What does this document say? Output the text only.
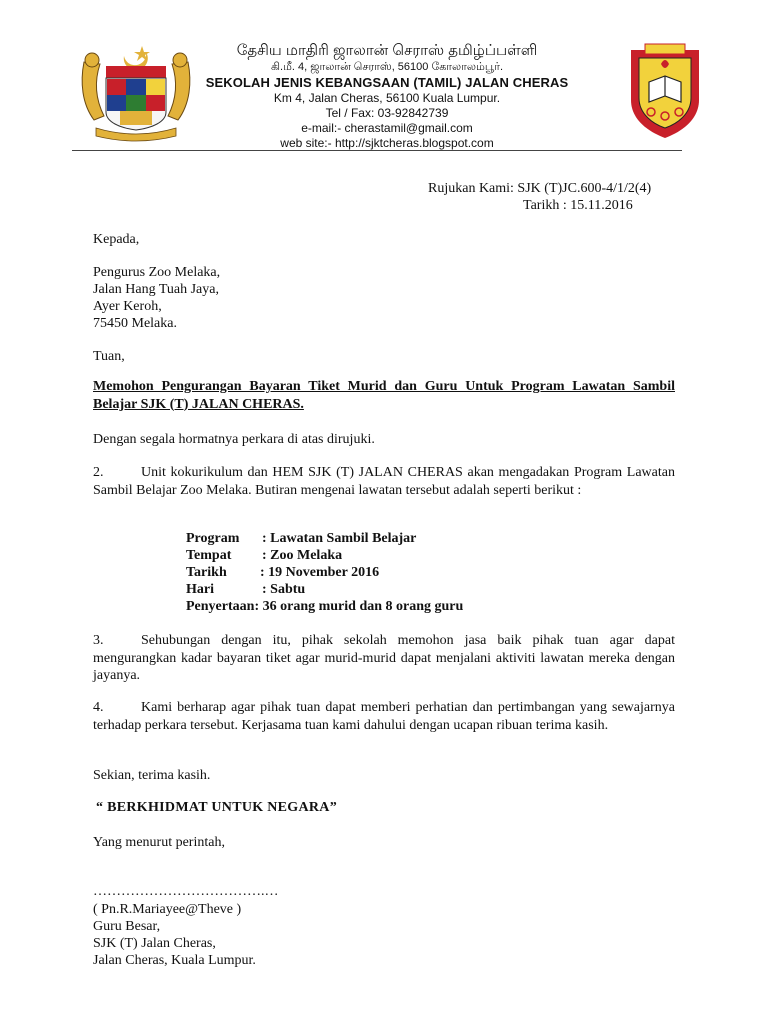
தேசிய மாதிரி ஜாலான் செராஸ் தமிழ்ப்பள்ளி
கி.மீ. 4, ஜாலான் செராஸ், 56100 கோலாலம்பூர்.
SEKOLAH JENIS KEBANGSAAN (TAMIL) JALAN CHERAS
Km 4, Jalan Cheras, 56100 Kuala Lumpur.
Tel / Fax: 03-92842739
e-mail:- cherastamil@gmail.com
web site:- http://sjktcheras.blogspot.com
Rujukan Kami: SJK (T)JC.600-4/1/2(4)
Tarikh : 15.11.2016
Kepada,
Pengurus Zoo Melaka,
Jalan Hang Tuah Jaya,
Ayer Keroh,
75450 Melaka.
Tuan,
Memohon Pengurangan Bayaran Tiket Murid dan Guru Untuk Program Lawatan Sambil Belajar SJK (T) JALAN CHERAS.
Dengan segala hormatnya perkara di atas dirujuki.
2.	Unit kokurikulum dan HEM SJK (T) JALAN CHERAS akan mengadakan Program Lawatan Sambil Belajar Zoo Melaka. Butiran mengenai lawatan tersebut adalah seperti berikut :
Program : Lawatan Sambil Belajar
Tempat : Zoo Melaka
Tarikh : 19 November 2016
Hari	: Sabtu
Penyertaan: 36 orang murid dan 8 orang guru
3.	Sehubungan dengan itu, pihak sekolah memohon jasa baik pihak tuan agar dapat mengurangkan kadar bayaran tiket agar murid-murid dapat menjalani aktiviti lawatan mereka dengan jayanya.
4.	Kami berharap agar pihak tuan dapat memberi perhatian dan pertimbangan yang sewajarnya terhadap perkara tersebut. Kerjasama tuan kami dahului dengan ucapan ribuan terima kasih.
Sekian, terima kasih.
“ BERKHIDMAT UNTUK NEGARA”
Yang menurut perintah,
……………………………….…
( Pn.R.Mariayee@Theve )
Guru Besar,
SJK (T) Jalan Cheras,
Jalan Cheras, Kuala Lumpur.
